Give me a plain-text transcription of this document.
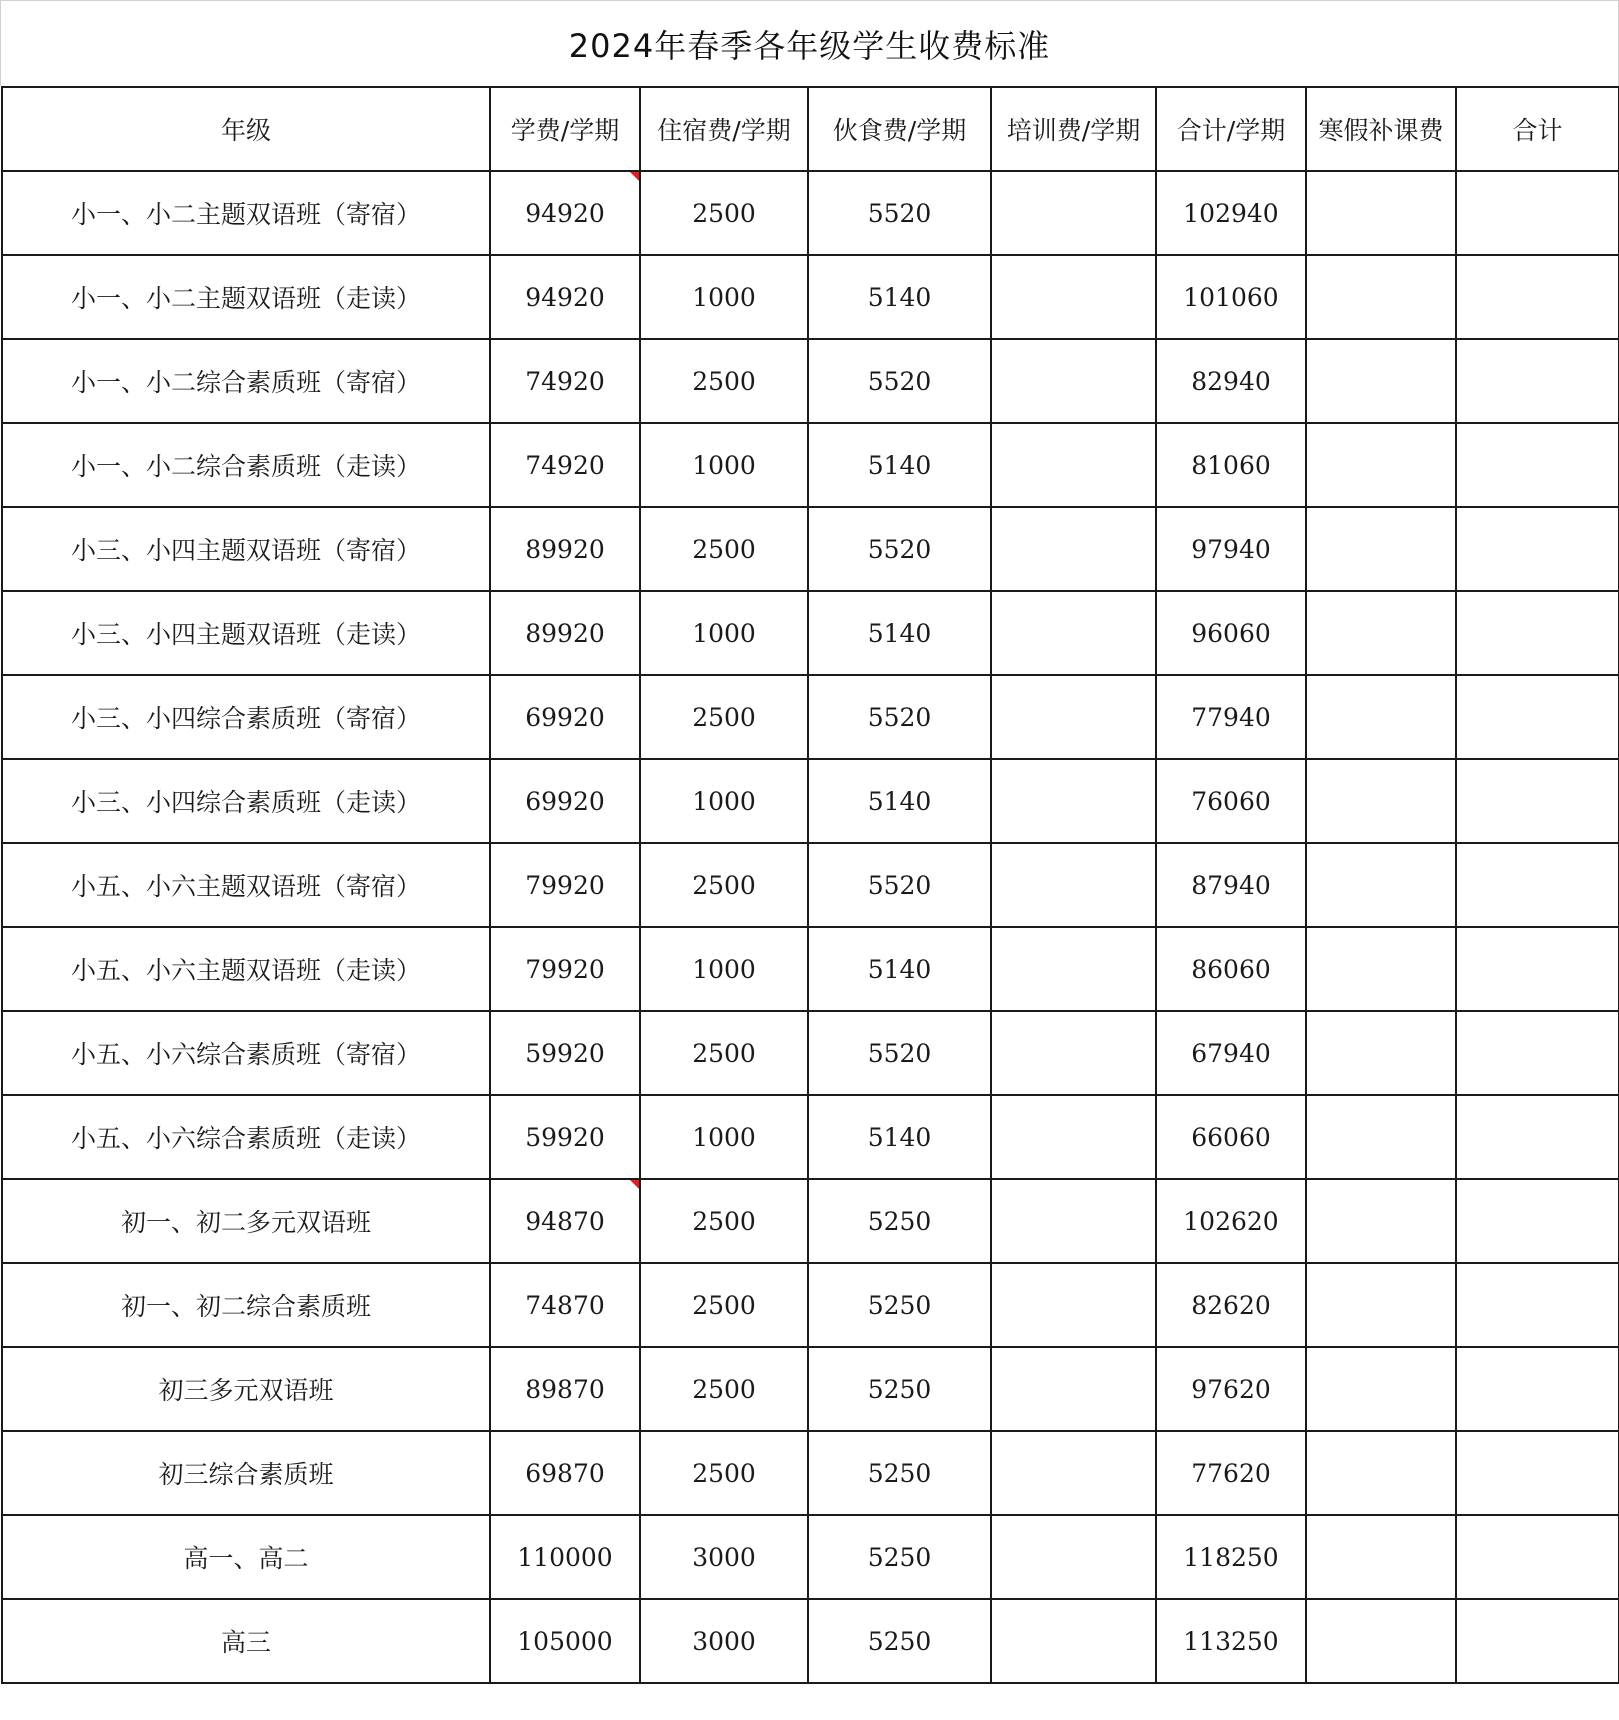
2024年春季各年级学生收费标准
年级	学费/学期	住宿费/学期	伙食费/学期	培训费/学期	合计/学期	寒假补课费	合计
小一、小二主题双语班（寄宿）	94920	2500	5520		102940		
小一、小二主题双语班（走读）	94920	1000	5140		101060		
小一、小二综合素质班（寄宿）	74920	2500	5520		82940		
小一、小二综合素质班（走读）	74920	1000	5140		81060		
小三、小四主题双语班（寄宿）	89920	2500	5520		97940		
小三、小四主题双语班（走读）	89920	1000	5140		96060		
小三、小四综合素质班（寄宿）	69920	2500	5520		77940		
小三、小四综合素质班（走读）	69920	1000	5140		76060		
小五、小六主题双语班（寄宿）	79920	2500	5520		87940		
小五、小六主题双语班（走读）	79920	1000	5140		86060		
小五、小六综合素质班（寄宿）	59920	2500	5520		67940		
小五、小六综合素质班（走读）	59920	1000	5140		66060		
初一、初二多元双语班	94870	2500	5250		102620		
初一、初二综合素质班	74870	2500	5250		82620		
初三多元双语班	89870	2500	5250		97620		
初三综合素质班	69870	2500	5250		77620		
高一、高二	110000	3000	5250		118250		
高三	105000	3000	5250		113250		
